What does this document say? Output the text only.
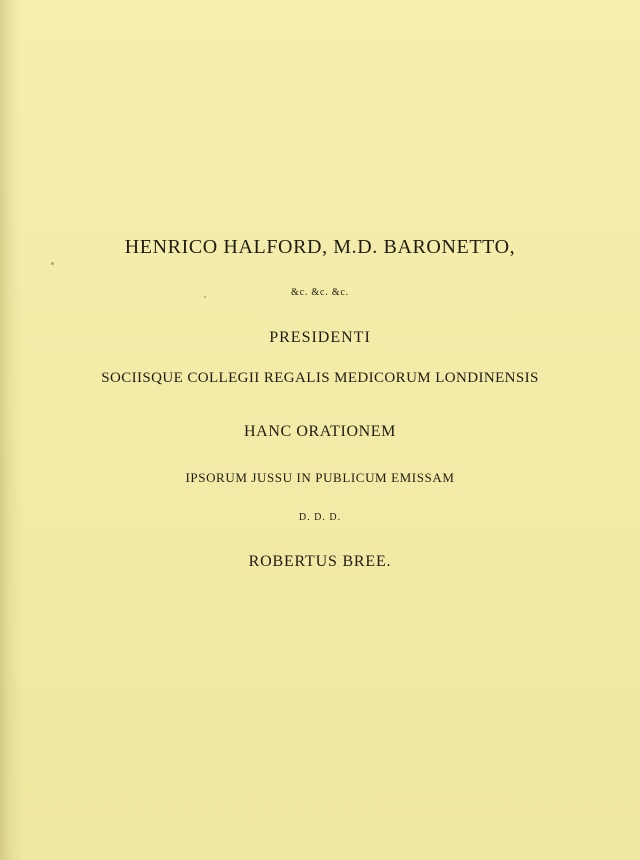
HENRICO HALFORD, M.D. BARONETTO,
&c. &c. &c.
PRESIDENTI
SOCIISQUE COLLEGII REGALIS MEDICORUM LONDINENSIS
HANC ORATIONEM
IPSORUM JUSSU IN PUBLICUM EMISSAM
D. D. D.
ROBERTUS BREE.
